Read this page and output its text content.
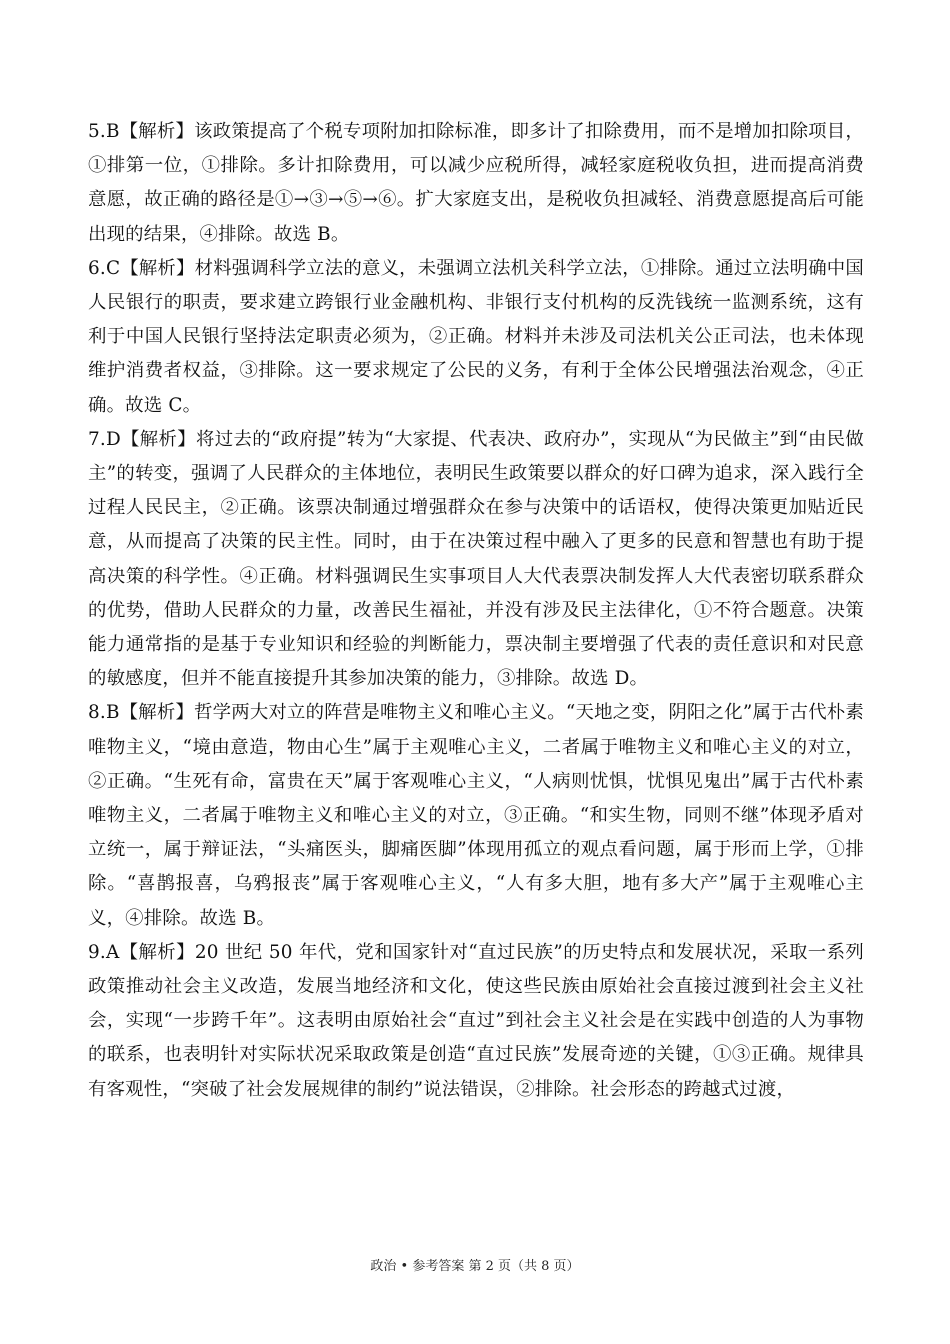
5.B【解析】该政策提高了个税专项附加扣除标准，即多计了扣除费用，而不是增加扣除项目，①排第一位，①排除。多计扣除费用，可以减少应税所得，减轻家庭税收负担，进而提高消费意愿，故正确的路径是①→③→⑤→⑥。扩大家庭支出，是税收负担减轻、消费意愿提高后可能出现的结果，④排除。故选 B。

6.C【解析】材料强调科学立法的意义，未强调立法机关科学立法，①排除。通过立法明确中国人民银行的职责，要求建立跨银行业金融机构、非银行支付机构的反洗钱统一监测系统，这有利于中国人民银行坚持法定职责必须为，②正确。材料并未涉及司法机关公正司法，也未体现维护消费者权益，③排除。这一要求规定了公民的义务，有利于全体公民增强法治观念，④正确。故选 C。

7.D【解析】将过去的“政府提”转为“大家提、代表决、政府办”，实现从“为民做主”到“由民做主”的转变，强调了人民群众的主体地位，表明民生政策要以群众的好口碑为追求，深入践行全过程人民民主，②正确。该票决制通过增强群众在参与决策中的话语权，使得决策更加贴近民意，从而提高了决策的民主性。同时，由于在决策过程中融入了更多的民意和智慧也有助于提高决策的科学性。④正确。材料强调民生实事项目人大代表票决制发挥人大代表密切联系群众的优势，借助人民群众的力量，改善民生福祉，并没有涉及民主法律化，①不符合题意。决策能力通常指的是基于专业知识和经验的判断能力，票决制主要增强了代表的责任意识和对民意的敏感度，但并不能直接提升其参加决策的能力，③排除。故选 D。

8.B【解析】哲学两大对立的阵营是唯物主义和唯心主义。“天地之变，阴阳之化”属于古代朴素唯物主义，“境由意造，物由心生”属于主观唯心主义，二者属于唯物主义和唯心主义的对立，②正确。“生死有命，富贵在天”属于客观唯心主义，“人病则忧惧，忧惧见鬼出”属于古代朴素唯物主义，二者属于唯物主义和唯心主义的对立，③正确。“和实生物，同则不继”体现矛盾对立统一，属于辩证法，“头痛医头，脚痛医脚”体现用孤立的观点看问题，属于形而上学，①排除。“喜鹊报喜，乌鸦报丧”属于客观唯心主义，“人有多大胆，地有多大产”属于主观唯心主义，④排除。故选 B。

9.A【解析】20 世纪 50 年代，党和国家针对“直过民族”的历史特点和发展状况，采取一系列政策推动社会主义改造，发展当地经济和文化，使这些民族由原始社会直接过渡到社会主义社会，实现“一步跨千年”。这表明由原始社会“直过”到社会主义社会是在实践中创造的人为事物的联系，也表明针对实际状况采取政策是创造“直过民族”发展奇迹的关键，①③正确。规律具有客观性，“突破了社会发展规律的制约”说法错误，②排除。社会形态的跨越式过渡，

政治 • 参考答案 第 2 页（共 8 页）
